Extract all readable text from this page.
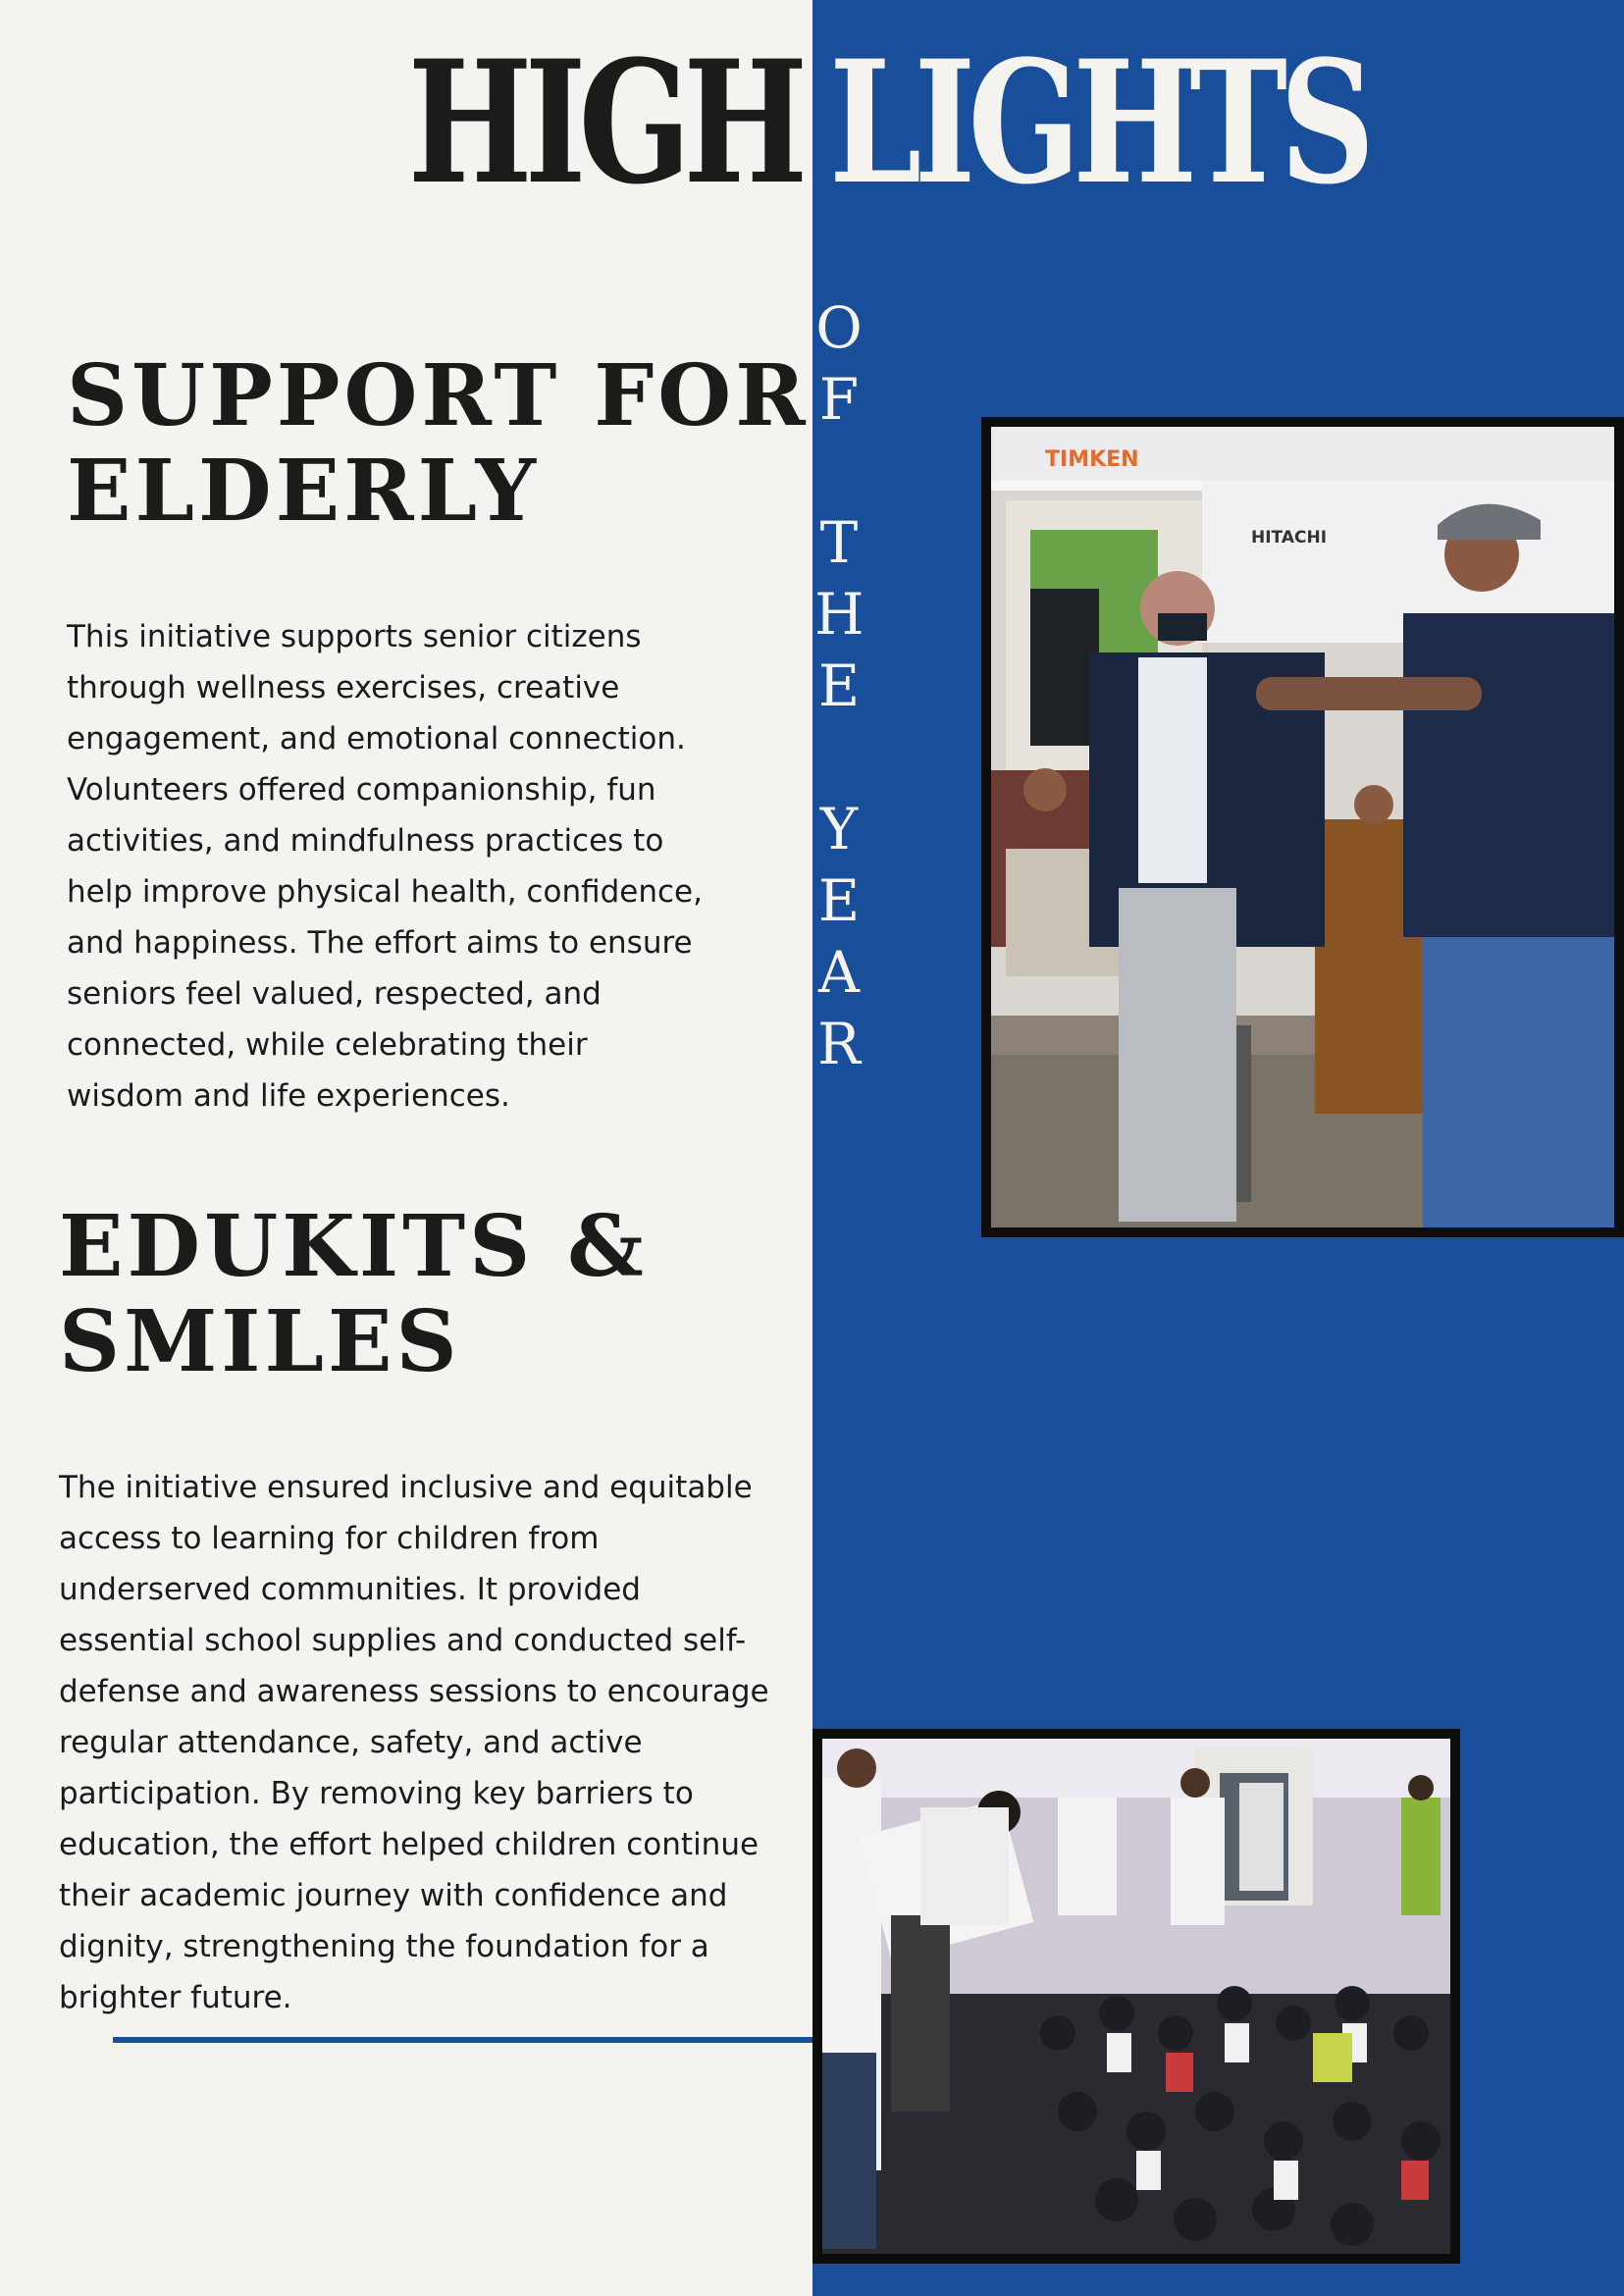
HIGH LIGHTS
O
F

T
H
E

Y
E
A
R
SUPPORT FOR
ELDERLY
This initiative supports senior citizens
through wellness exercises, creative
engagement, and emotional connection.
Volunteers offered companionship, fun
activities, and mindfulness practices to
help improve physical health, confidence,
and happiness. The effort aims to ensure
seniors feel valued, respected, and
connected, while celebrating their
wisdom and life experiences.
EDUKITS &
SMILES
The initiative ensured inclusive and equitable
access to learning for children from
underserved communities. It provided
essential school supplies and conducted self-
defense and awareness sessions to encourage
regular attendance, safety, and active
participation. By removing key barriers to
education, the effort helped children continue
their academic journey with confidence and
dignity, strengthening the foundation for a
brighter future.
TIMKEN
HITACHI
